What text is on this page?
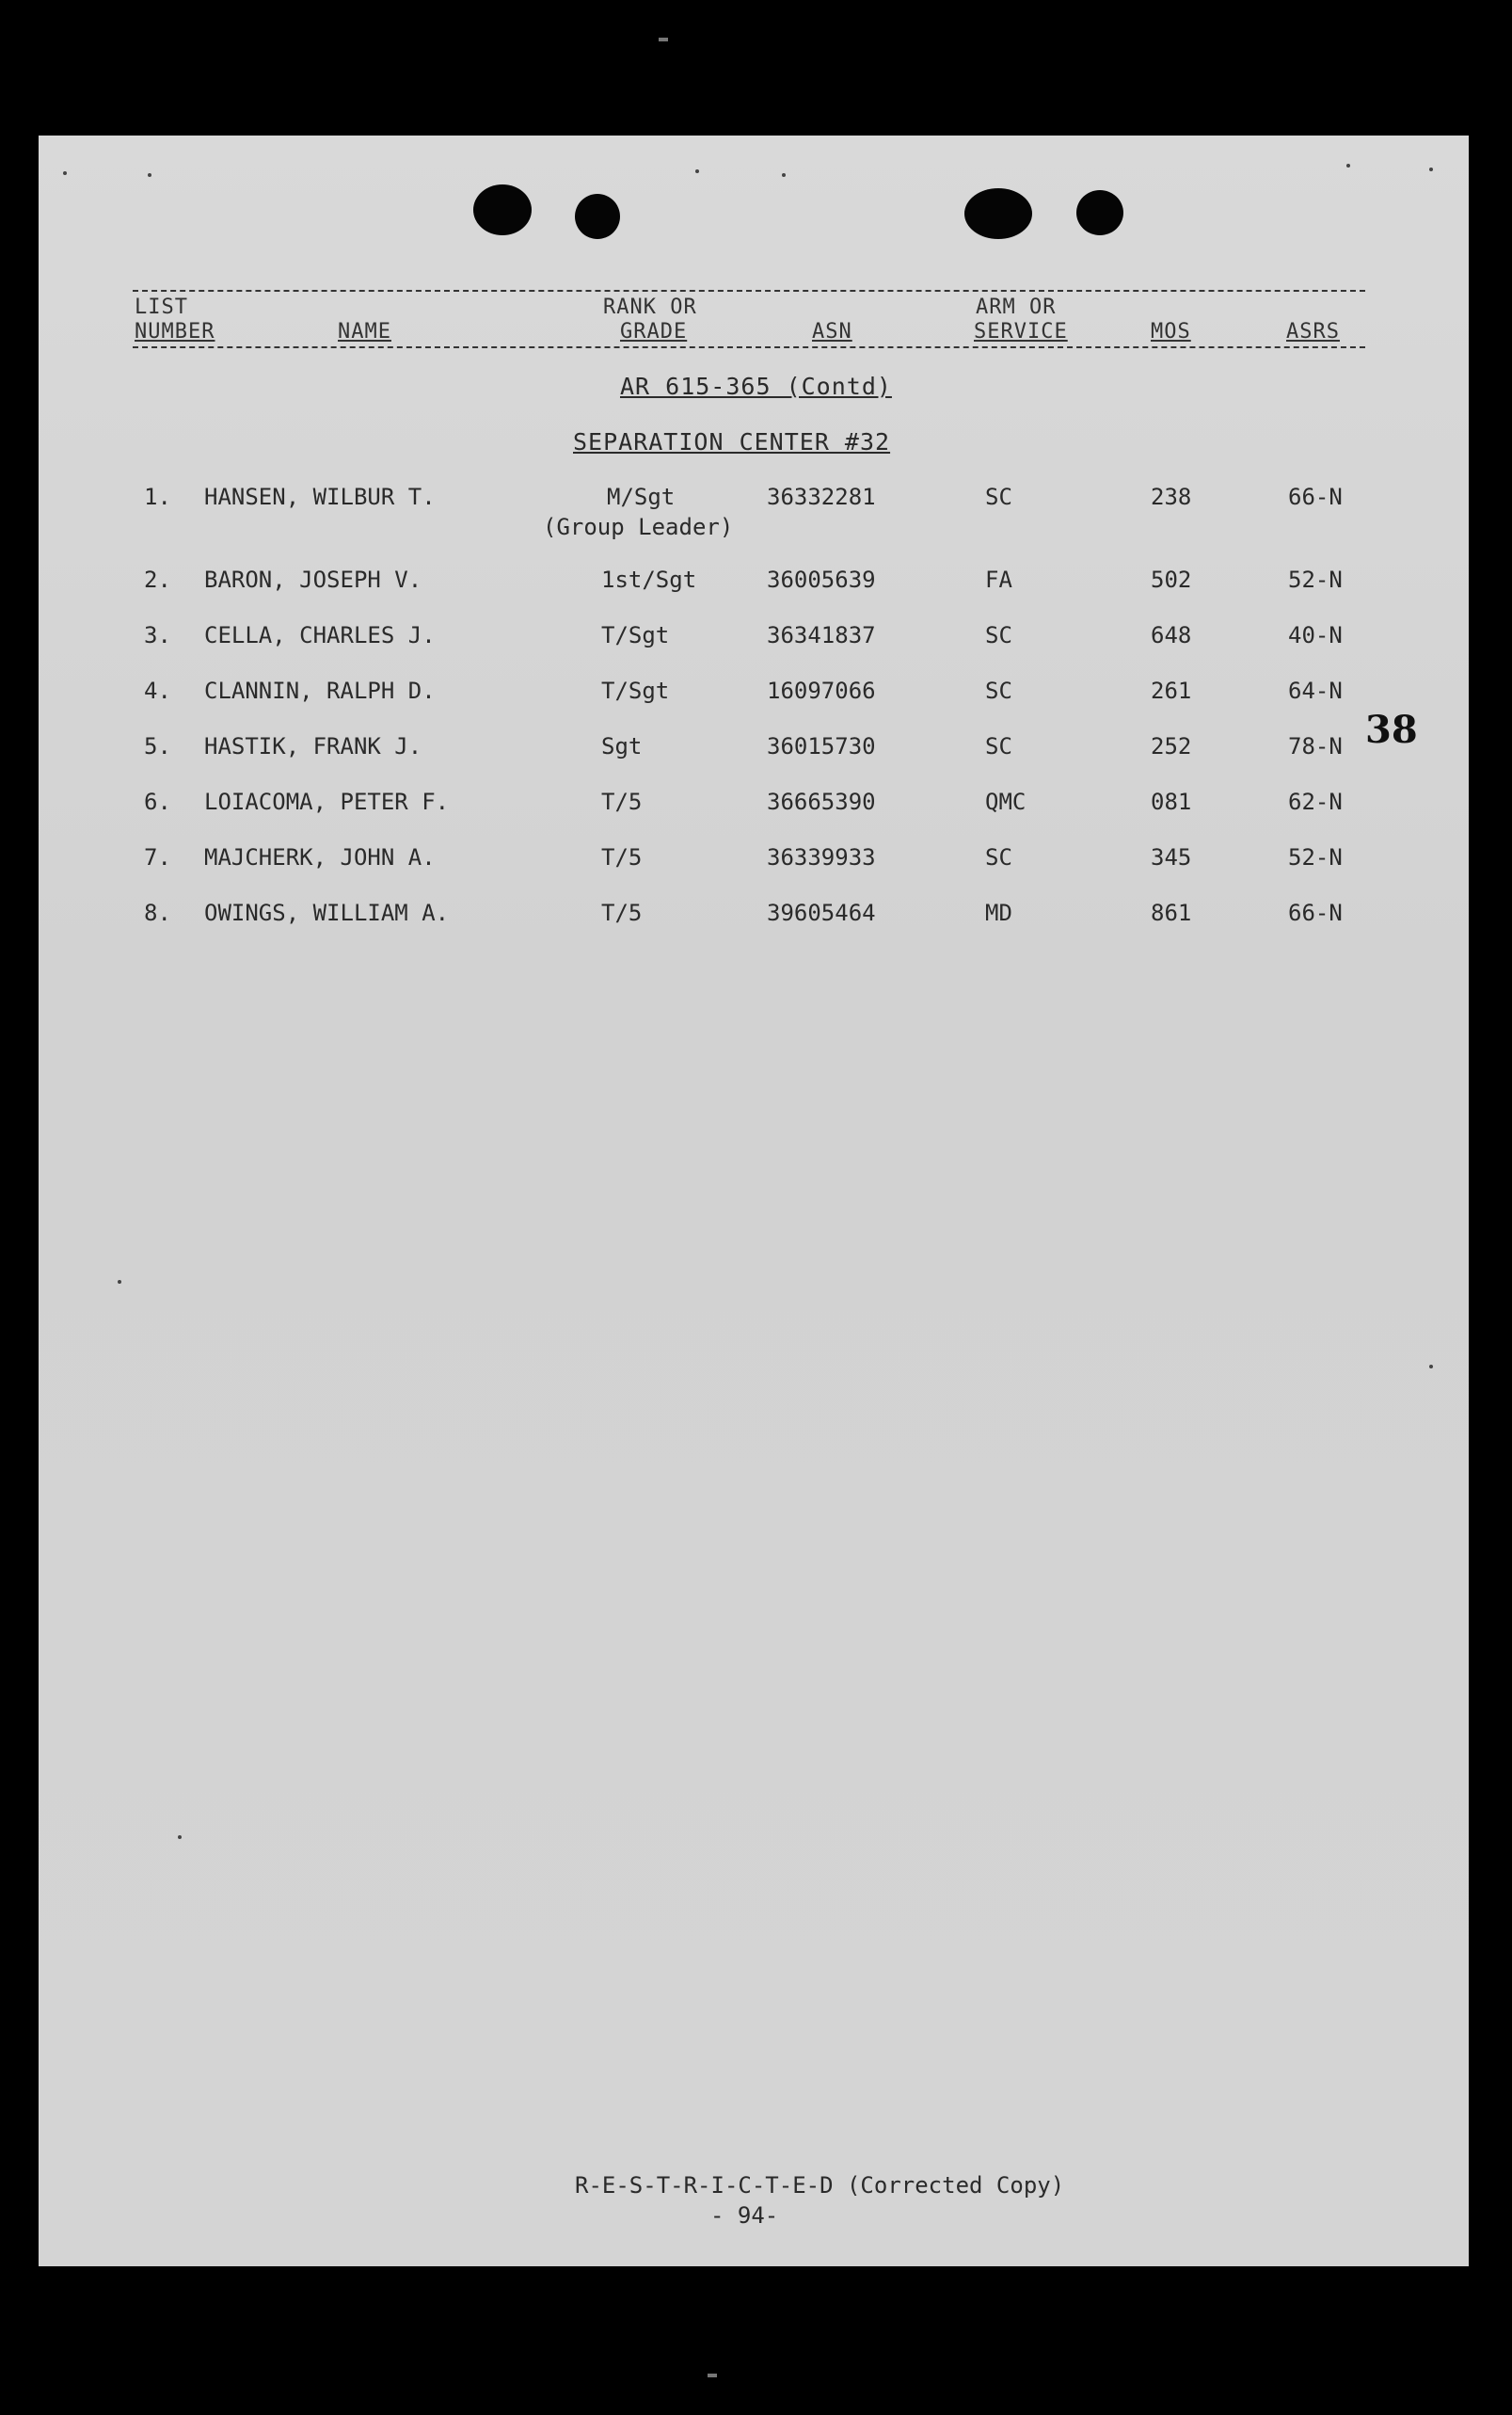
LIST
NUMBER	NAME
RANK OR
GRADE	ASN
ARM OR
SERVICE	MOS	ASRS
AR 615-365 (Contd)
SEPARATION CENTER #32
1. HANSEN, WILBUR T.	M/Sgt	36332281	SC	238	66-N
(Group Leader)
2. BARON, JOSEPH V.	1st/Sgt	36005639	FA	502	52-N
3. CELLA, CHARLES J.	T/Sgt	36341837	SC	648	40-N
4. CLANNIN, RALPH D.	T/Sgt	16097066	SC	261	64-N
5. HASTIK, FRANK J.	Sgt	36015730	SC	252	78-N
6. LOIACOMA, PETER F.	T/5	36665390	QMC	081	62-N
7. MAJCHERK, JOHN A.	T/5	36339933	SC	345	52-N
8. OWINGS, WILLIAM A.	T/5	39605464	MD	861	66-N
38
R-E-S-T-R-I-C-T-E-D (Corrected Copy)
- 94-
